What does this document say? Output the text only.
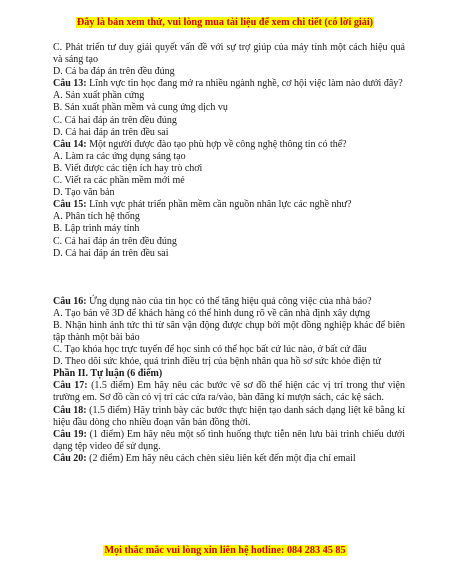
Đây là bản xem thử, vui lòng mua tài liệu để xem chi tiết (có lời giải)

C. Phát triển tư duy giải quyết vấn đề với sự trợ giúp của máy tính một cách hiệu quả và sáng tạo

D. Cả ba đáp án trên đều đúng

Câu 13: Lĩnh vực tin học đang mở ra nhiều ngành nghề, cơ hội việc làm nào dưới đây?

A. Sản xuất phần cứng

B. Sản xuất phần mềm và cung ứng dịch vụ

C. Cả hai đáp án trên đều đúng

D. Cả hai đáp án trên đều sai

Câu 14: Một người được đào tạo phù hợp về công nghệ thông tin có thể?

A. Làm ra các ứng dụng sáng tạo

B. Viết được các tiện ích hay trò chơi

C. Viết ra các phần mềm mới mẻ

D. Tạo văn bản

Câu 15: Lĩnh vực phát triển phần mềm cần nguồn nhân lực các nghề như?

A. Phân tích hệ thống

B. Lập trình máy tính

C. Cả hai đáp án trên đều đúng

D. Cả hai đáp án trên đều sai

Câu 16: Ứng dụng nào của tin học có thể tăng hiệu quả công việc của nhà báo?

A. Tạo bản vẽ 3D để khách hàng có thể hình dung rõ về căn nhà định xây dựng

B. Nhận hình ảnh tức thì từ sân vận động được chụp bởi một đồng nghiệp khác để biên tập thành một bài báo

C. Tạo khóa học trực tuyến để học sinh có thể học bất cứ lúc nào, ở bất cứ đâu

D. Theo dõi sức khỏe, quá trình điều trị của bệnh nhân qua hồ sơ sức khỏe điện tử

Phần II. Tự luận (6 điểm)

Câu 17: (1.5 điểm) Em hãy nêu các bước vẽ sơ đồ thể hiện các vị trí trong thư viện trường em. Sơ đồ cần có vị trí các cửa ra/vào, bàn đăng kí mượn sách, các kệ sách.

Câu 18: (1.5 điểm) Hãy trình bày các bước thực hiện tạo danh sách dạng liệt kê bằng kí hiệu đầu dòng cho nhiều đoạn văn bản đồng thời.

Câu 19: (1 điểm) Em hãy nêu một số tình huống thực tiễn nên lưu bài trình chiếu dưới dạng tệp video để sử dụng.

Câu 20: (2 điểm) Em hãy nêu cách chèn siêu liên kết đến một địa chỉ email

Mọi thắc mắc vui lòng xin liên hệ hotline: 084 283 45 85
